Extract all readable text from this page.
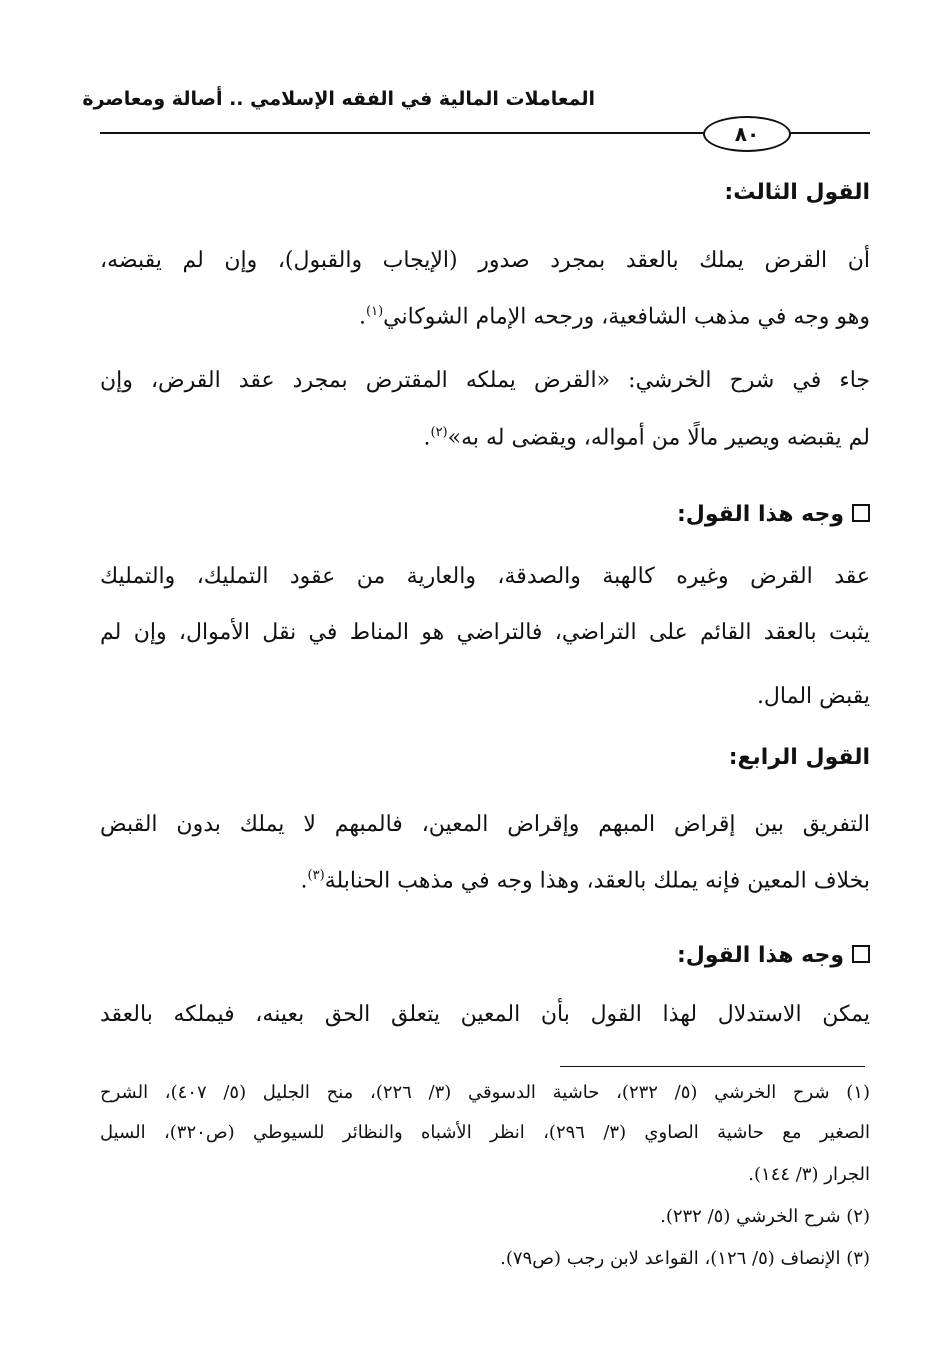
المعاملات المالية في الفقه الإسلامي .. أصالة ومعاصرة
٨٠
القول الثالث:
أن القرض يملك بالعقد بمجرد صدور (الإيجاب والقبول)، وإن لم يقبضه،
وهو وجه في مذهب الشافعية، ورجحه الإمام الشوكاني$^{(١)}$.
جاء في شرح الخرشي: «القرض يملكه المقترض بمجرد عقد القرض، وإن
لم يقبضه ويصير مالًا من أمواله، ويقضى له به»$^{(٢)}$.
وجه هذا القول:
عقد القرض وغيره كالهبة والصدقة، والعارية من عقود التمليك، والتمليك
يثبت بالعقد القائم على التراضي، فالتراضي هو المناط في نقل الأموال، وإن لم
يقبض المال.
القول الرابع:
التفريق بين إقراض المبهم وإقراض المعين، فالمبهم لا يملك بدون القبض
بخلاف المعين فإنه يملك بالعقد، وهذا وجه في مذهب الحنابلة$^{(٣)}$.
وجه هذا القول:
يمكن الاستدلال لهذا القول بأن المعين يتعلق الحق بعينه، فيملكه بالعقد
(١) شرح الخرشي (٥/ ٢٣٢)، حاشية الدسوقي (٣/ ٢٢٦)، منح الجليل (٥/ ٤٠٧)، الشرح
الصغير مع حاشية الصاوي (٣/ ٢٩٦)، انظر الأشباه والنظائر للسيوطي (ص٣٢٠)، السيل
الجرار (٣/ ١٤٤).
(٢) شرح الخرشي (٥/ ٢٣٢).
(٣) الإنصاف (٥/ ١٢٦)، القواعد لابن رجب (ص٧٩).
